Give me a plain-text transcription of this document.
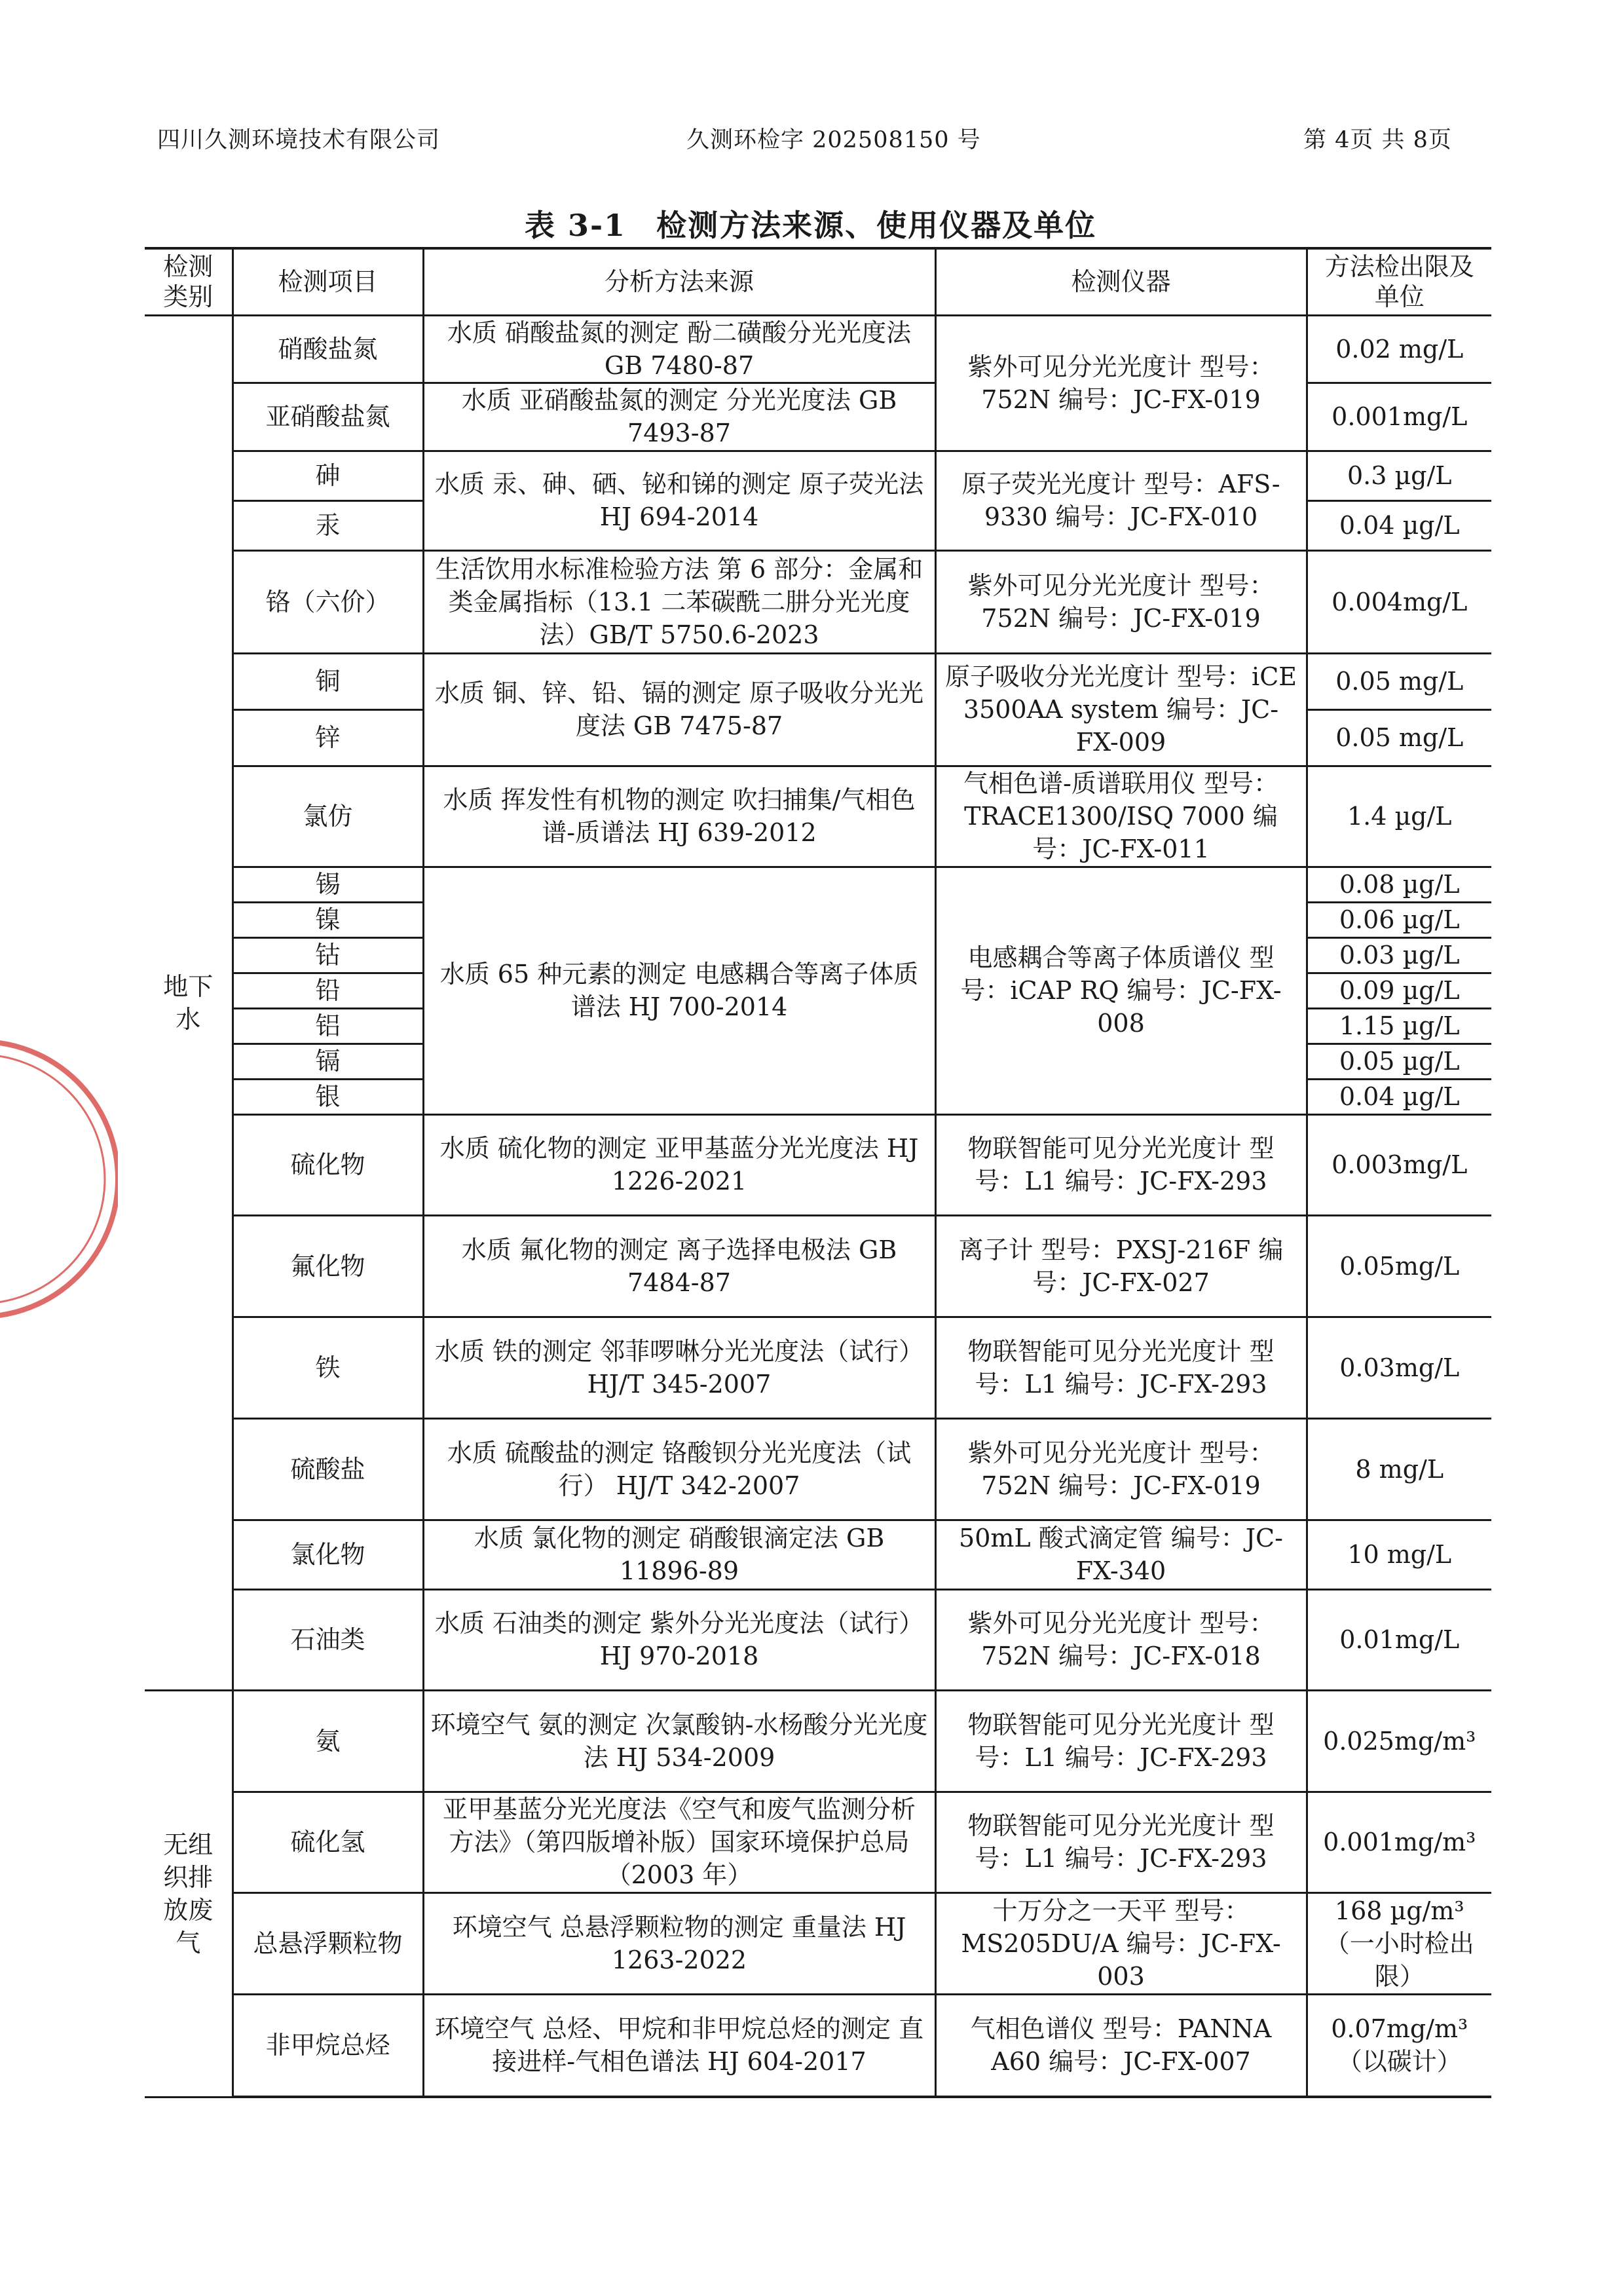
四川久测环境技术有限公司	久测环检字 202508150 号	第 4页 共 8页
表 3-1 检测方法来源、使用仪器及单位
检测类别	检测项目	分析方法来源	检测仪器	方法检出限及单位
地下水	硝酸盐氮	水质 硝酸盐氮的测定 酚二磺酸分光光度法 GB 7480-87	紫外可见分光光度计 型号：752N 编号：JC-FX-019	0.02 mg/L
	亚硝酸盐氮	水质 亚硝酸盐氮的测定 分光光度法 GB 7493-87		0.001mg/L
	砷	水质 汞、砷、硒、铋和锑的测定 原子荧光法 HJ 694-2014	原子荧光光度计 型号：AFS-9330 编号：JC-FX-010	0.3 µg/L
	汞			0.04 µg/L
	铬（六价）	生活饮用水标准检验方法 第 6 部分：金属和类金属指标（13.1 二苯碳酰二肼分光光度法）GB/T 5750.6-2023	紫外可见分光光度计 型号：752N 编号：JC-FX-019	0.004mg/L
	铜	水质 铜、锌、铅、镉的测定 原子吸收分光光度法 GB 7475-87	原子吸收分光光度计 型号：iCE 3500AA system 编号：JC-FX-009	0.05 mg/L
	锌			0.05 mg/L
	氯仿	水质 挥发性有机物的测定 吹扫捕集/气相色谱-质谱法 HJ 639-2012	气相色谱-质谱联用仪 型号：TRACE1300/ISQ 7000 编号：JC-FX-011	1.4 µg/L
	锡	水质 65 种元素的测定 电感耦合等离子体质谱法 HJ 700-2014	电感耦合等离子体质谱仪 型号：iCAP RQ 编号：JC-FX-008	0.08 µg/L
	镍			0.06 µg/L
	钴			0.03 µg/L
	铅			0.09 µg/L
	铝			1.15 µg/L
	镉			0.05 µg/L
	银			0.04 µg/L
	硫化物	水质 硫化物的测定 亚甲基蓝分光光度法 HJ 1226-2021	物联智能可见分光光度计 型号：L1 编号：JC-FX-293	0.003mg/L
	氟化物	水质 氟化物的测定 离子选择电极法 GB 7484-87	离子计 型号：PXSJ-216F 编号：JC-FX-027	0.05mg/L
	铁	水质 铁的测定 邻菲啰啉分光光度法（试行） HJ/T 345-2007	物联智能可见分光光度计 型号：L1 编号：JC-FX-293	0.03mg/L
	硫酸盐	水质 硫酸盐的测定 铬酸钡分光光度法（试行） HJ/T 342-2007	紫外可见分光光度计 型号：752N 编号：JC-FX-019	8 mg/L
	氯化物	水质 氯化物的测定 硝酸银滴定法 GB 11896-89	50mL 酸式滴定管 编号：JC-FX-340	10 mg/L
	石油类	水质 石油类的测定 紫外分光光度法（试行） HJ 970-2018	紫外可见分光光度计 型号：752N 编号：JC-FX-018	0.01mg/L
无组织排放废气	氨	环境空气 氨的测定 次氯酸钠-水杨酸分光光度法 HJ 534-2009	物联智能可见分光光度计 型号：L1 编号：JC-FX-293	0.025mg/m³
	硫化氢	亚甲基蓝分光光度法《空气和废气监测分析方法》（第四版增补版）国家环境保护总局（2003 年）	物联智能可见分光光度计 型号：L1 编号：JC-FX-293	0.001mg/m³
	总悬浮颗粒物	环境空气 总悬浮颗粒物的测定 重量法 HJ 1263-2022	十万分之一天平 型号：MS205DU/A 编号：JC-FX-003	168 µg/m³（一小时检出限）
	非甲烷总烃	环境空气 总烃、甲烷和非甲烷总烃的测定 直接进样-气相色谱法 HJ 604-2017	气相色谱仪 型号：PANNA A60 编号：JC-FX-007	0.07mg/m³（以碳计）
